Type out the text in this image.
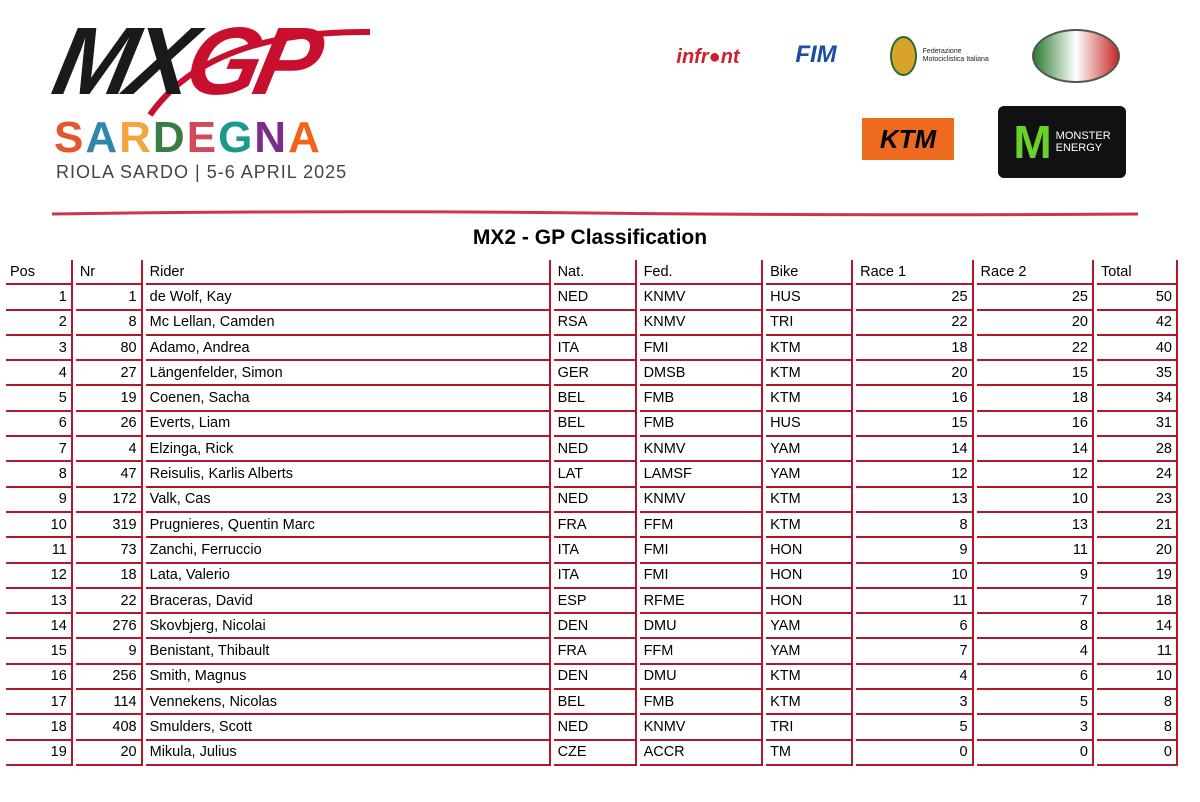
MXGP
SARDEGNA
RIOLA SARDO | 5-6 APRIL 2025
infr●nt	FIM	Federazione Motociclistica Italiana
KTM	M MONSTER
ENERGY
MX2 - GP Classification
Pos	Nr	Rider	Nat.	Fed.	Bike	Race 1	Race 2	Total
1	1	de Wolf, Kay	NED	KNMV	HUS	25	25	50
2	8	Mc Lellan, Camden	RSA	KNMV	TRI	22	20	42
3	80	Adamo, Andrea	ITA	FMI	KTM	18	22	40
4	27	Längenfelder, Simon	GER	DMSB	KTM	20	15	35
5	19	Coenen, Sacha	BEL	FMB	KTM	16	18	34
6	26	Everts, Liam	BEL	FMB	HUS	15	16	31
7	4	Elzinga, Rick	NED	KNMV	YAM	14	14	28
8	47	Reisulis, Karlis Alberts	LAT	LAMSF	YAM	12	12	24
9	172	Valk, Cas	NED	KNMV	KTM	13	10	23
10	319	Prugnieres, Quentin Marc	FRA	FFM	KTM	8	13	21
11	73	Zanchi, Ferruccio	ITA	FMI	HON	9	11	20
12	18	Lata, Valerio	ITA	FMI	HON	10	9	19
13	22	Braceras, David	ESP	RFME	HON	11	7	18
14	276	Skovbjerg, Nicolai	DEN	DMU	YAM	6	8	14
15	9	Benistant, Thibault	FRA	FFM	YAM	7	4	11
16	256	Smith, Magnus	DEN	DMU	KTM	4	6	10
17	114	Vennekens, Nicolas	BEL	FMB	KTM	3	5	8
18	408	Smulders, Scott	NED	KNMV	TRI	5	3	8
19	20	Mikula, Julius	CZE	ACCR	TM	0	0	0
